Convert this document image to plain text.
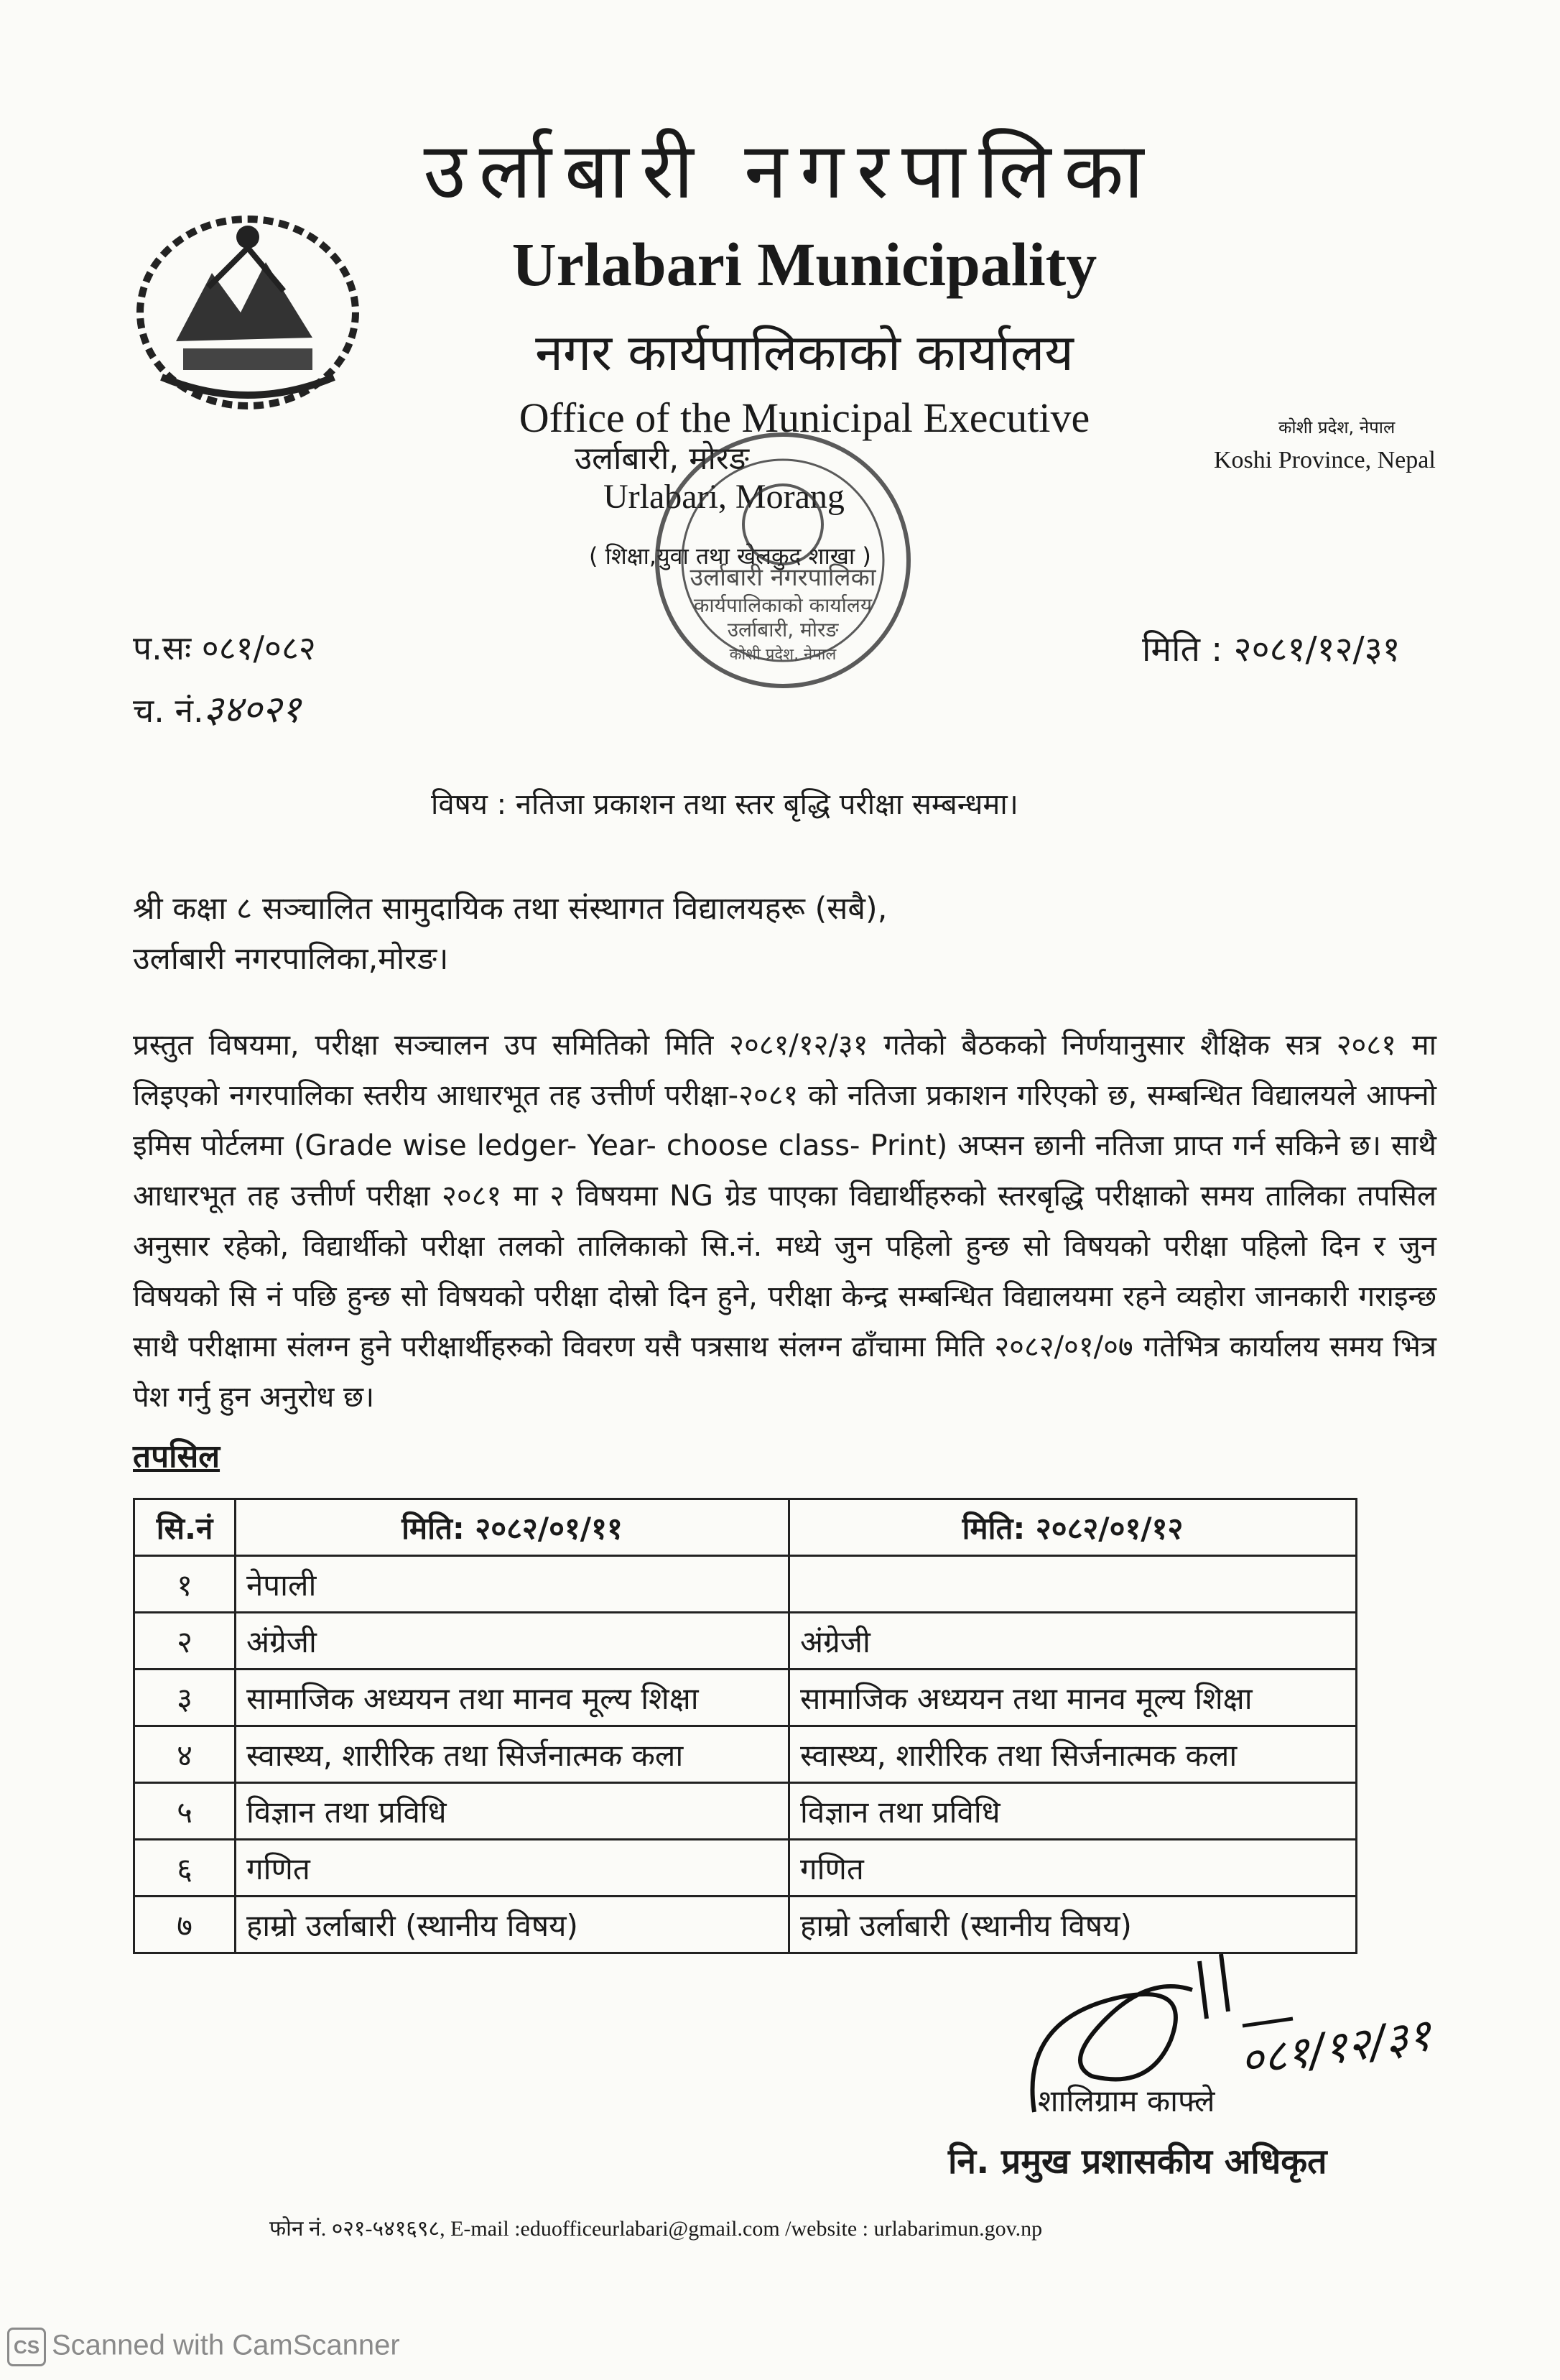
उर्लाबारी नगरपालिका
Urlabari Municipality
नगर कार्यपालिकाको कार्यालय
Office of the Municipal Executive
उर्लाबारी, मोरङ
Urlabari, Morang
( शिक्षा,युवा तथा खेलकुद शाखा )
कोशी प्रदेश, नेपाल
Koshi Province, Nepal
उर्लाबारी नगरपालिका
कार्यपालिकाको कार्यालय
उर्लाबारी, मोरङ
कोशी प्रदेश, नेपाल
प.सः ०८१/०८२
च. नं.३४०२१
मिति : २०८१/१२/३१
विषय : नतिजा प्रकाशन तथा स्तर बृद्धि परीक्षा सम्बन्धमा।
श्री कक्षा ८ सञ्चालित सामुदायिक तथा संस्थागत विद्यालयहरू (सबै),
उर्लाबारी नगरपालिका,मोरङ।
प्रस्तुत विषयमा, परीक्षा सञ्चालन उप समितिको मिति २०८१/१२/३१ गतेको बैठकको निर्णयानुसार शैक्षिक सत्र २०८१ मा लिइएको नगरपालिका स्तरीय आधारभूत तह उत्तीर्ण परीक्षा-२०८१ को नतिजा प्रकाशन गरिएको छ, सम्बन्धित विद्यालयले आफ्नो इमिस पोर्टलमा (Grade wise ledger- Year- choose class- Print) अप्सन छानी नतिजा प्राप्त गर्न सकिने छ। साथै आधारभूत तह उत्तीर्ण परीक्षा २०८१ मा २ विषयमा NG ग्रेड पाएका विद्यार्थीहरुको स्तरबृद्धि परीक्षाको समय तालिका तपसिल अनुसार रहेको, विद्यार्थीको परीक्षा तलको तालिकाको सि.नं. मध्ये जुन पहिलो हुन्छ सो विषयको परीक्षा पहिलो दिन र जुन विषयको सि नं पछि हुन्छ सो विषयको परीक्षा दोस्रो दिन हुने, परीक्षा केन्द्र सम्बन्धित विद्यालयमा रहने व्यहोरा जानकारी गराइन्छ साथै परीक्षामा संलग्न हुने परीक्षार्थीहरुको विवरण यसै पत्रसाथ संलग्न ढाँचामा मिति २०८२/०१/०७ गतेभित्र कार्यालय समय भित्र पेश गर्नु हुन अनुरोध छ।
तपसिल
सि.नं	मिति: २०८२/०१/११	मिति: २०८२/०१/१२
१	नेपाली	
२	अंग्रेजी	अंग्रेजी
३	सामाजिक अध्ययन तथा मानव मूल्य शिक्षा	सामाजिक अध्ययन तथा मानव मूल्य शिक्षा
४	स्वास्थ्य, शारीरिक तथा सिर्जनात्मक कला	स्वास्थ्य, शारीरिक तथा सिर्जनात्मक कला
५	विज्ञान तथा प्रविधि	विज्ञान तथा प्रविधि
६	गणित	गणित
७	हाम्रो उर्लाबारी (स्थानीय विषय)	हाम्रो उर्लाबारी (स्थानीय विषय)
०८१/१२/३१
शालिग्राम काफ्ले
नि. प्रमुख प्रशासकीय अधिकृत
फोन नं. ०२१-५४१६९८, E-mail :eduofficeurlabari@gmail.com /website : urlabarimun.gov.np
CS Scanned with CamScanner
